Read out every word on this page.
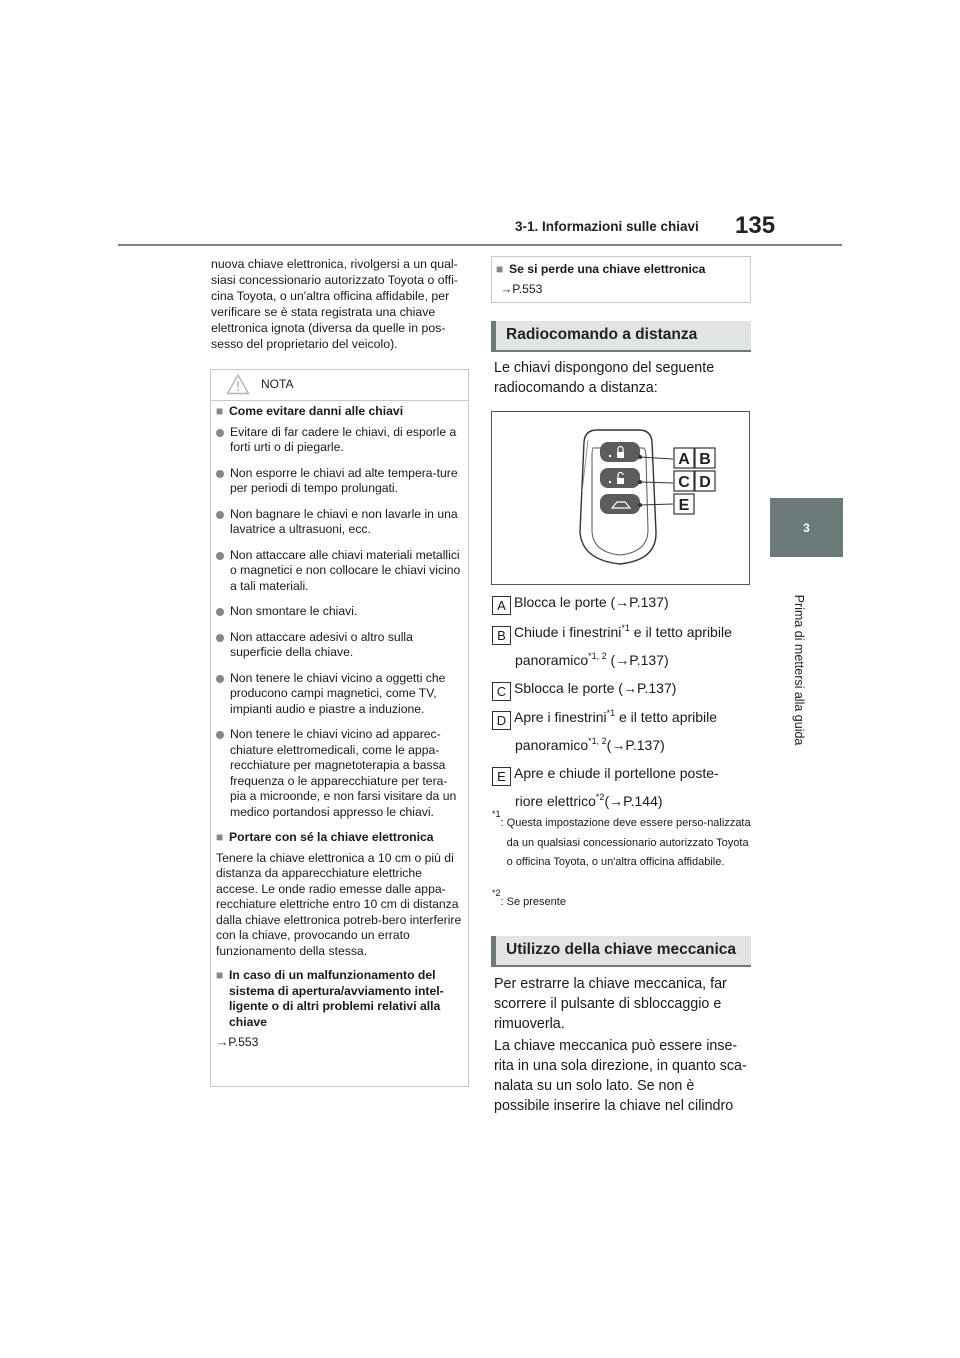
3-1. Informazioni sulle chiavi 135
3
Prima di mettersi alla guida
nuova chiave elettronica, rivolgersi a un qual-siasi concessionario autorizzato Toyota o offi-cina Toyota, o un'altra officina affidabile, per verificare se è stata registrata una chiave elettronica ignota (diversa da quelle in pos-sesso del proprietario del veicolo).
NOTA
■ Come evitare danni alle chiavi
Evitare di far cadere le chiavi, di esporle a forti urti o di piegarle.
Non esporre le chiavi ad alte tempera-ture per periodi di tempo prolungati.
Non bagnare le chiavi e non lavarle in una lavatrice a ultrasuoni, ecc.
Non attaccare alle chiavi materiali metallici o magnetici e non collocare le chiavi vicino a tali materiali.
Non smontare le chiavi.
Non attaccare adesivi o altro sulla superficie della chiave.
Non tenere le chiavi vicino a oggetti che producono campi magnetici, come TV, impianti audio e piastre a induzione.
Non tenere le chiavi vicino ad apparec-chiature elettromedicali, come le appa-recchiature per magnetoterapia a bassa frequenza o le apparecchiature per tera-pia a microonde, e non farsi visitare da un medico portandosi appresso le chiavi.
■ Portare con sé la chiave elettronica
Tenere la chiave elettronica a 10 cm o più di distanza da apparecchiature elettriche accese. Le onde radio emesse dalle appa-recchiature elettriche entro 10 cm di distanza dalla chiave elettronica potreb-bero interferire con la chiave, provocando un errato funzionamento della stessa.
■ In caso di un malfunzionamento del sistema di apertura/avviamento intel-ligente o di altri problemi relativi alla chiave
→P.553
■ Se si perde una chiave elettronica
→P.553
Radiocomando a distanza
Le chiavi dispongono del seguente radiocomando a distanza:
A B
C D
E
A Blocca le porte (→P.137)
B Chiude i finestrini$^{*1}$ e il tetto apribile
panoramico$^{*1, 2}$ (→P.137)
C Sblocca le porte (→P.137)
D Apre i finestrini$^{*1}$ e il tetto apribile
panoramico$^{*1, 2}$(→P.137)
E Apre e chiude il portellone poste-
riore elettrico$^{*2}$(→P.144)
*1
: Questa impostazione deve essere perso-nalizzata da un qualsiasi concessionario autorizzato Toyota o officina Toyota, o un'altra officina affidabile.
*2
: Se presente
Utilizzo della chiave meccanica
Per estrarre la chiave meccanica, far scorrere il pulsante di sbloccaggio e rimuoverla.
La chiave meccanica può essere inse-rita in una sola direzione, in quanto sca-nalata su un solo lato. Se non è possibile inserire la chiave nel cilindro
